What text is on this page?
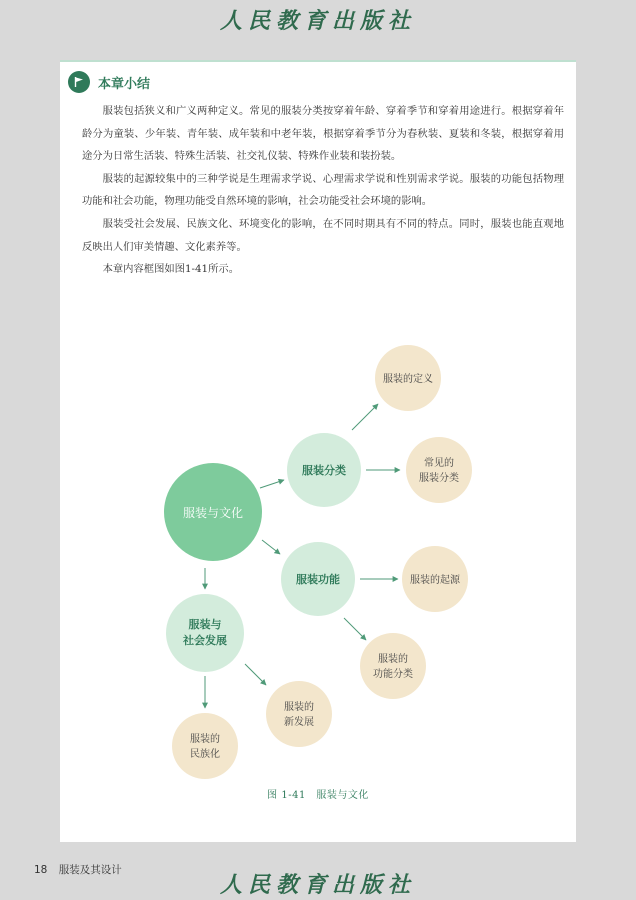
人民教育出版社
本章小结

服装包括狭义和广义两种定义。常见的服装分类按穿着年龄、穿着季节和穿着用途进行。根据穿着年龄分为童装、少年装、青年装、成年装和中老年装，根据穿着季节分为春秋装、夏装和冬装，根据穿着用途分为日常生活装、特殊生活装、社交礼仪装、特殊作业装和装扮装。

服装的起源较集中的三种学说是生理需求学说、心理需求学说和性别需求学说。服装的功能包括物理功能和社会功能，物理功能受自然环境的影响，社会功能受社会环境的影响。

服装受社会发展、民族文化、环境变化的影响，在不同时期具有不同的特点。同时，服装也能直观地反映出人们审美情趣、文化素养等。

本章内容框图如图1-41所示。

服装与文化
服装分类
服装功能
服装与
社会发展
服装的定义
常见的
服装分类
服装的起源
服装的
功能分类
服装的
新发展
服装的
民族化
图 1-41　服装与文化
18 服装及其设计
人民教育出版社
